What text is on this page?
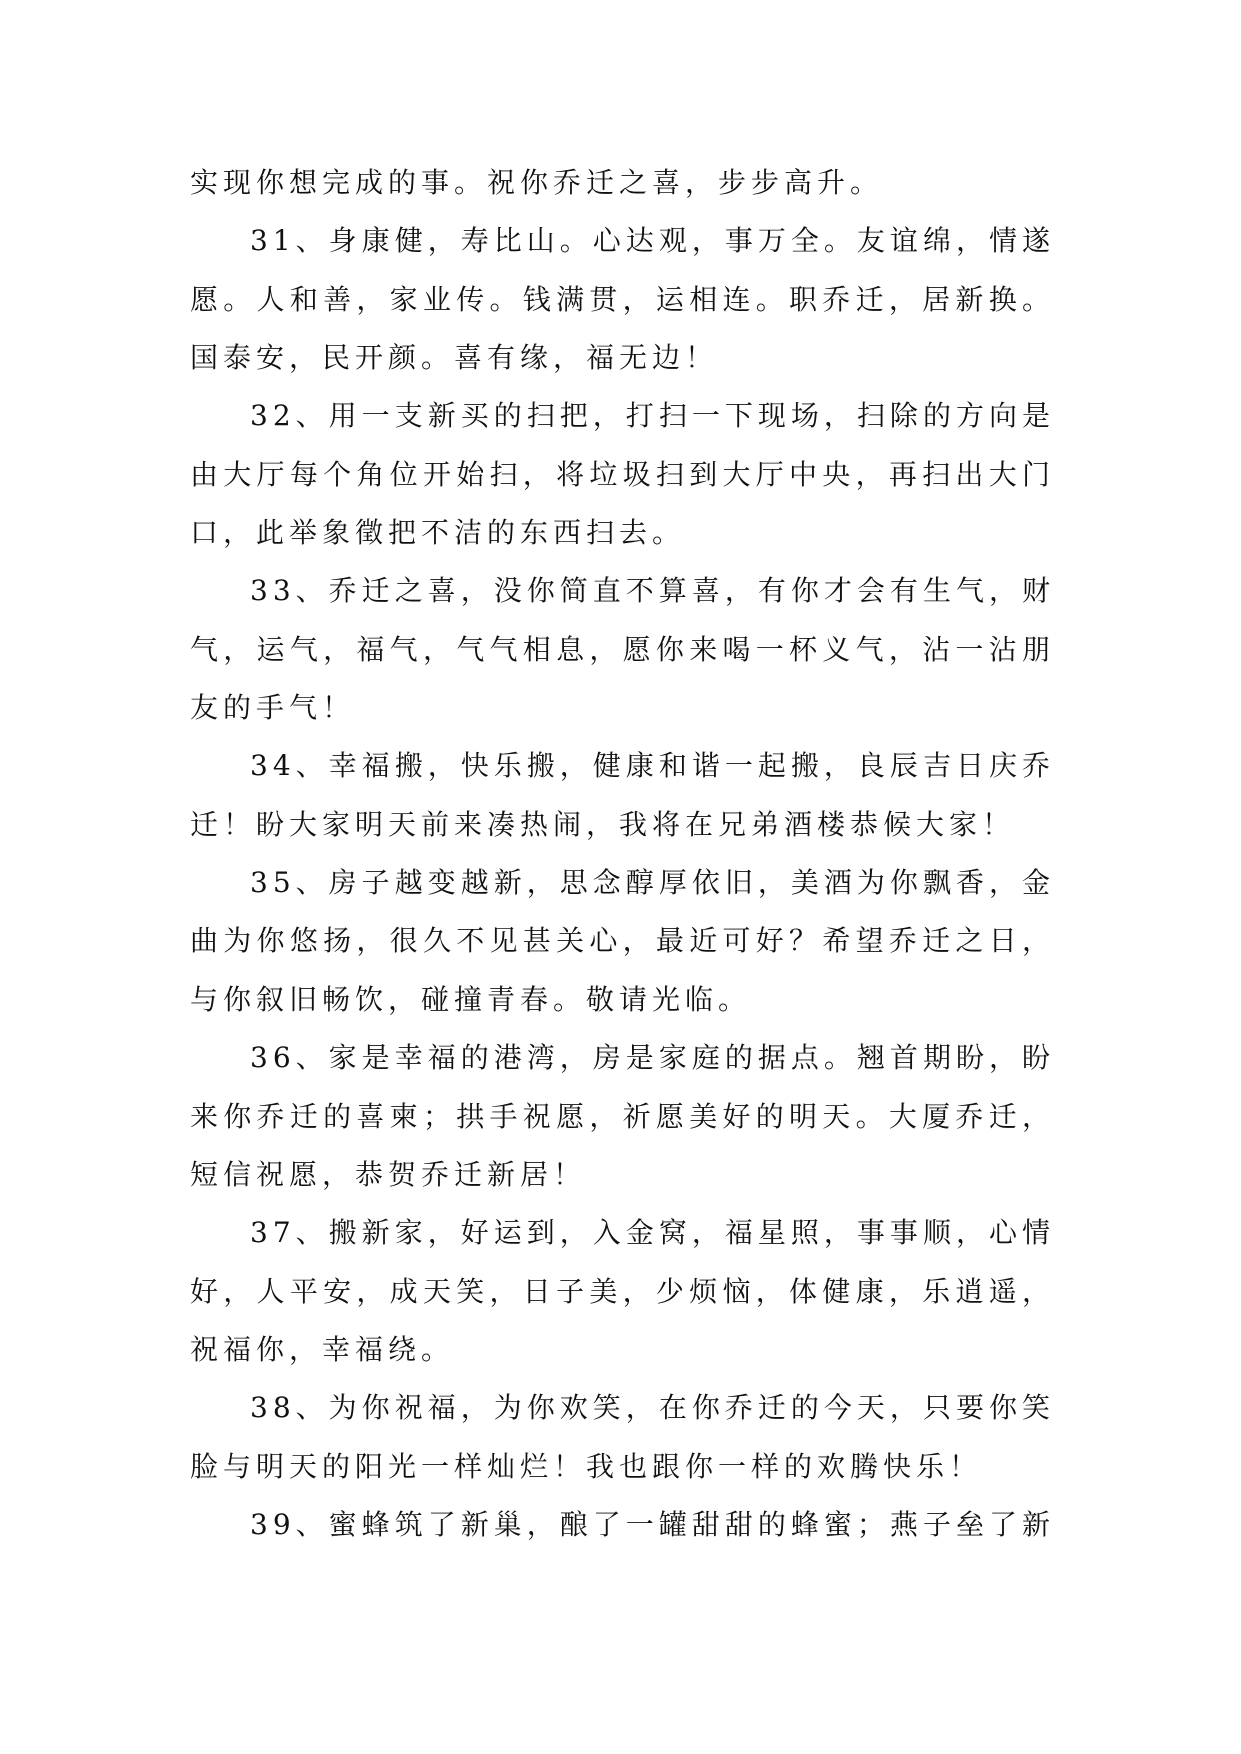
实现你想完成的事。祝你乔迁之喜，步步高升。
31、身康健，寿比山。心达观，事万全。友谊绵，情遂
愿。人和善，家业传。钱满贯，运相连。职乔迁，居新换。
国泰安，民开颜。喜有缘，福无边！
32、用一支新买的扫把，打扫一下现场，扫除的方向是
由大厅每个角位开始扫，将垃圾扫到大厅中央，再扫出大门
口，此举象徵把不洁的东西扫去。
33、乔迁之喜，没你简直不算喜，有你才会有生气，财
气，运气，福气，气气相息，愿你来喝一杯义气，沾一沾朋
友的手气！
34、幸福搬，快乐搬，健康和谐一起搬，良辰吉日庆乔
迁！盼大家明天前来凑热闹，我将在兄弟酒楼恭候大家！
35、房子越变越新，思念醇厚依旧，美酒为你飘香，金
曲为你悠扬，很久不见甚关心，最近可好？希望乔迁之日，
与你叙旧畅饮，碰撞青春。敬请光临。
36、家是幸福的港湾，房是家庭的据点。翘首期盼，盼
来你乔迁的喜柬；拱手祝愿，祈愿美好的明天。大厦乔迁，
短信祝愿，恭贺乔迁新居！
37、搬新家，好运到，入金窝，福星照，事事顺，心情
好，人平安，成天笑，日子美，少烦恼，体健康，乐逍遥，
祝福你，幸福绕。
38、为你祝福，为你欢笑，在你乔迁的今天，只要你笑
脸与明天的阳光一样灿烂！我也跟你一样的欢腾快乐！
39、蜜蜂筑了新巢，酿了一罐甜甜的蜂蜜；燕子垒了新
